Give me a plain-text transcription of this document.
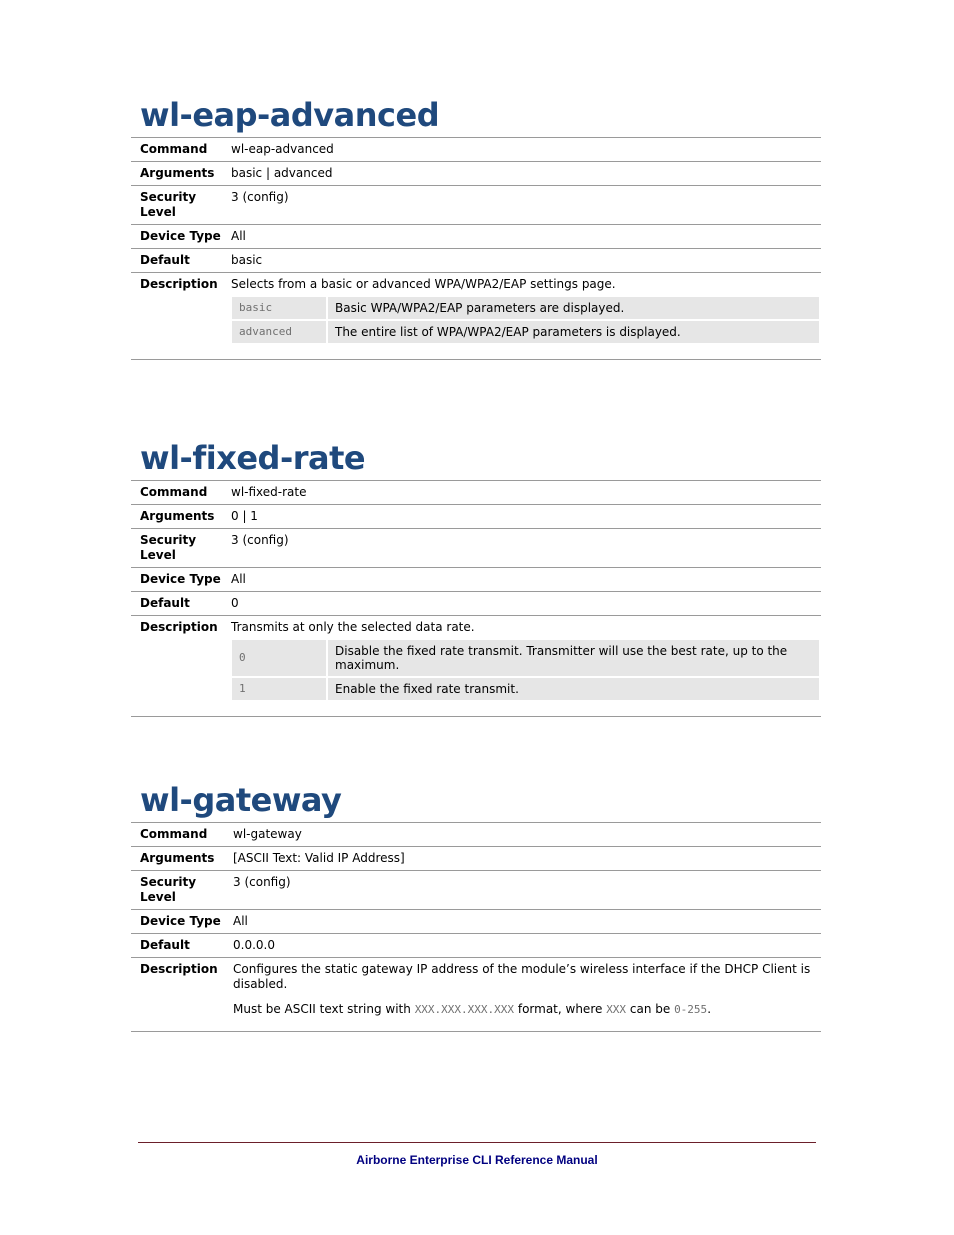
wl-eap-advanced
Command	wl-eap-advanced
Arguments	basic | advanced
Security Level	3 (config)
Device Type	All
Default	basic
Description	Selects from a basic or advanced WPA/WPA2/EAP settings page.
basic	Basic WPA/WPA2/EAP parameters are displayed.
advanced	The entire list of WPA/WPA2/EAP parameters is displayed.
wl-fixed-rate
Command	wl-fixed-rate
Arguments	0 | 1
Security Level	3 (config)
Device Type	All
Default	0
Description	Transmits at only the selected data rate.
0	Disable the fixed rate transmit. Transmitter will use the best rate, up to the maximum.
1	Enable the fixed rate transmit.
wl-gateway
Command	wl-gateway
Arguments	[ASCII Text: Valid IP Address]
Security Level	3 (config)
Device Type	All
Default	0.0.0.0
Description	Configures the static gateway IP address of the module’s wireless interface if the DHCP Client is disabled.

Must be ASCII text string with XXX.XXX.XXX.XXX format, where XXX can be 0-255.

Airborne Enterprise CLI Reference Manual
